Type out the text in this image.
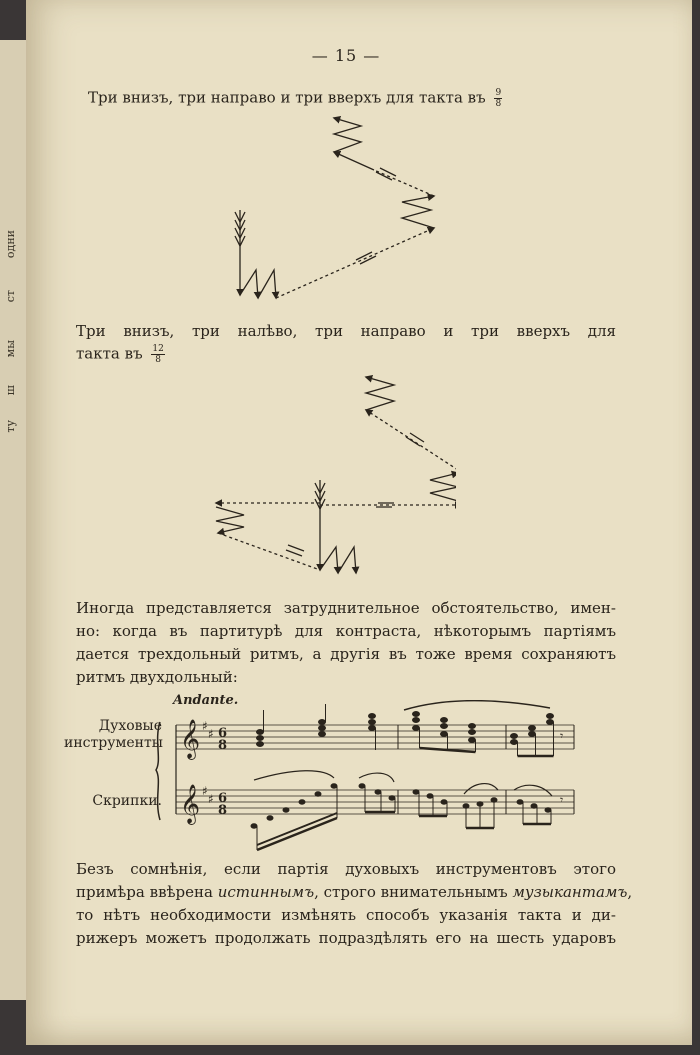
одни
ст
мы
ш
ту
— 15 —
Три внизъ, три направо и три вверхъ для такта въ $\frac{9}{8}$
Три внизъ, три налѣво, три направо и три вверхъ для
такта въ $\frac{12}{8}$
Иногда представляется затруднительное обстоятельство, имен-
но: когда въ партитурѣ для контраста, нѣкоторымъ партіямъ
дается трехдольный ритмъ, а другія въ тоже время сохраняютъ
ритмъ двухдольный:
Andante.
Духовые
инструменты
Скрипки.
𝄞
𝄞
♯
♯
♯
♯
6
8
6
8
𝄾
𝄾
Безъ сомнѣнія, если партія духовыхъ инструментовъ этого
примѣра ввѣрена истиннымъ, строго внимательнымъ музыкантамъ,
то нѣтъ необходимости измѣнять способъ указанія такта и ди-
рижеръ можетъ продолжать подраздѣлять его на шесть ударовъ
